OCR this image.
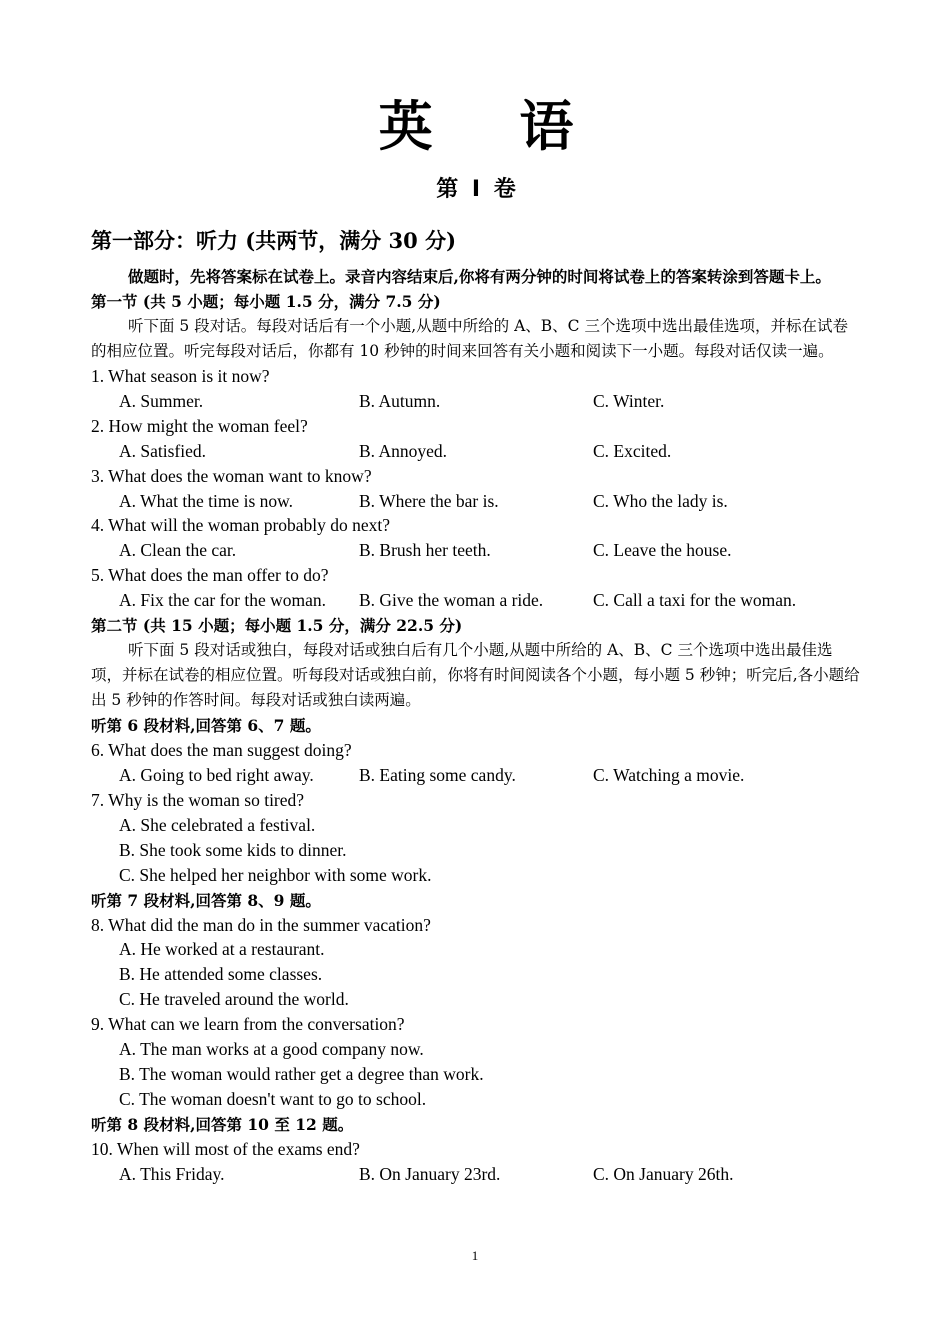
英 语
第 I 卷
第一部分：听力 (共两节，满分 30 分)

做题时，先将答案标在试卷上。录音内容结束后,你将有两分钟的时间将试卷上的答案转涂到答题卡上。

第一节 (共 5 小题；每小题 1.5 分，满分 7.5 分)

听下面 5 段对话。每段对话后有一个小题,从题中所给的 A、B、C 三个选项中选出最佳选项，并标在试卷的相应位置。听完每段对话后，你都有 10 秒钟的时间来回答有关小题和阅读下一小题。每段对话仅读一遍。

1. What season is it now?

A. Summer.	B. Autumn.	C. Winter.

2. How might the woman feel?

A. Satisfied.	B. Annoyed.	C. Excited.

3. What does the woman want to know?

A. What the time is now.	B. Where the bar is.	C. Who the lady is.

4. What will the woman probably do next?

A. Clean the car.	B. Brush her teeth.	C. Leave the house.

5. What does the man offer to do?

A. Fix the car for the woman.	B. Give the woman a ride.	C. Call a taxi for the woman.

第二节 (共 15 小题；每小题 1.5 分，满分 22.5 分)

听下面 5 段对话或独白，每段对话或独白后有几个小题,从题中所给的 A、B、C 三个选项中选出最佳选项，并标在试卷的相应位置。听每段对话或独白前，你将有时间阅读各个小题，每小题 5 秒钟；听完后,各小题给出 5 秒钟的作答时间。每段对话或独白读两遍。

听第 6 段材料,回答第 6、7 题。

6. What does the man suggest doing?

A. Going to bed right away.	B. Eating some candy.	C. Watching a movie.

7. Why is the woman so tired?

A. She celebrated a festival.

B. She took some kids to dinner.

C. She helped her neighbor with some work.

听第 7 段材料,回答第 8、9 题。

8. What did the man do in the summer vacation?

A. He worked at a restaurant.

B. He attended some classes.

C. He traveled around the world.

9. What can we learn from the conversation?

A. The man works at a good company now.

B. The woman would rather get a degree than work.

C. The woman doesn't want to go to school.

听第 8 段材料,回答第 10 至 12 题。

10. When will most of the exams end?

A. This Friday.	B. On January 23rd.	C. On January 26th.
1
